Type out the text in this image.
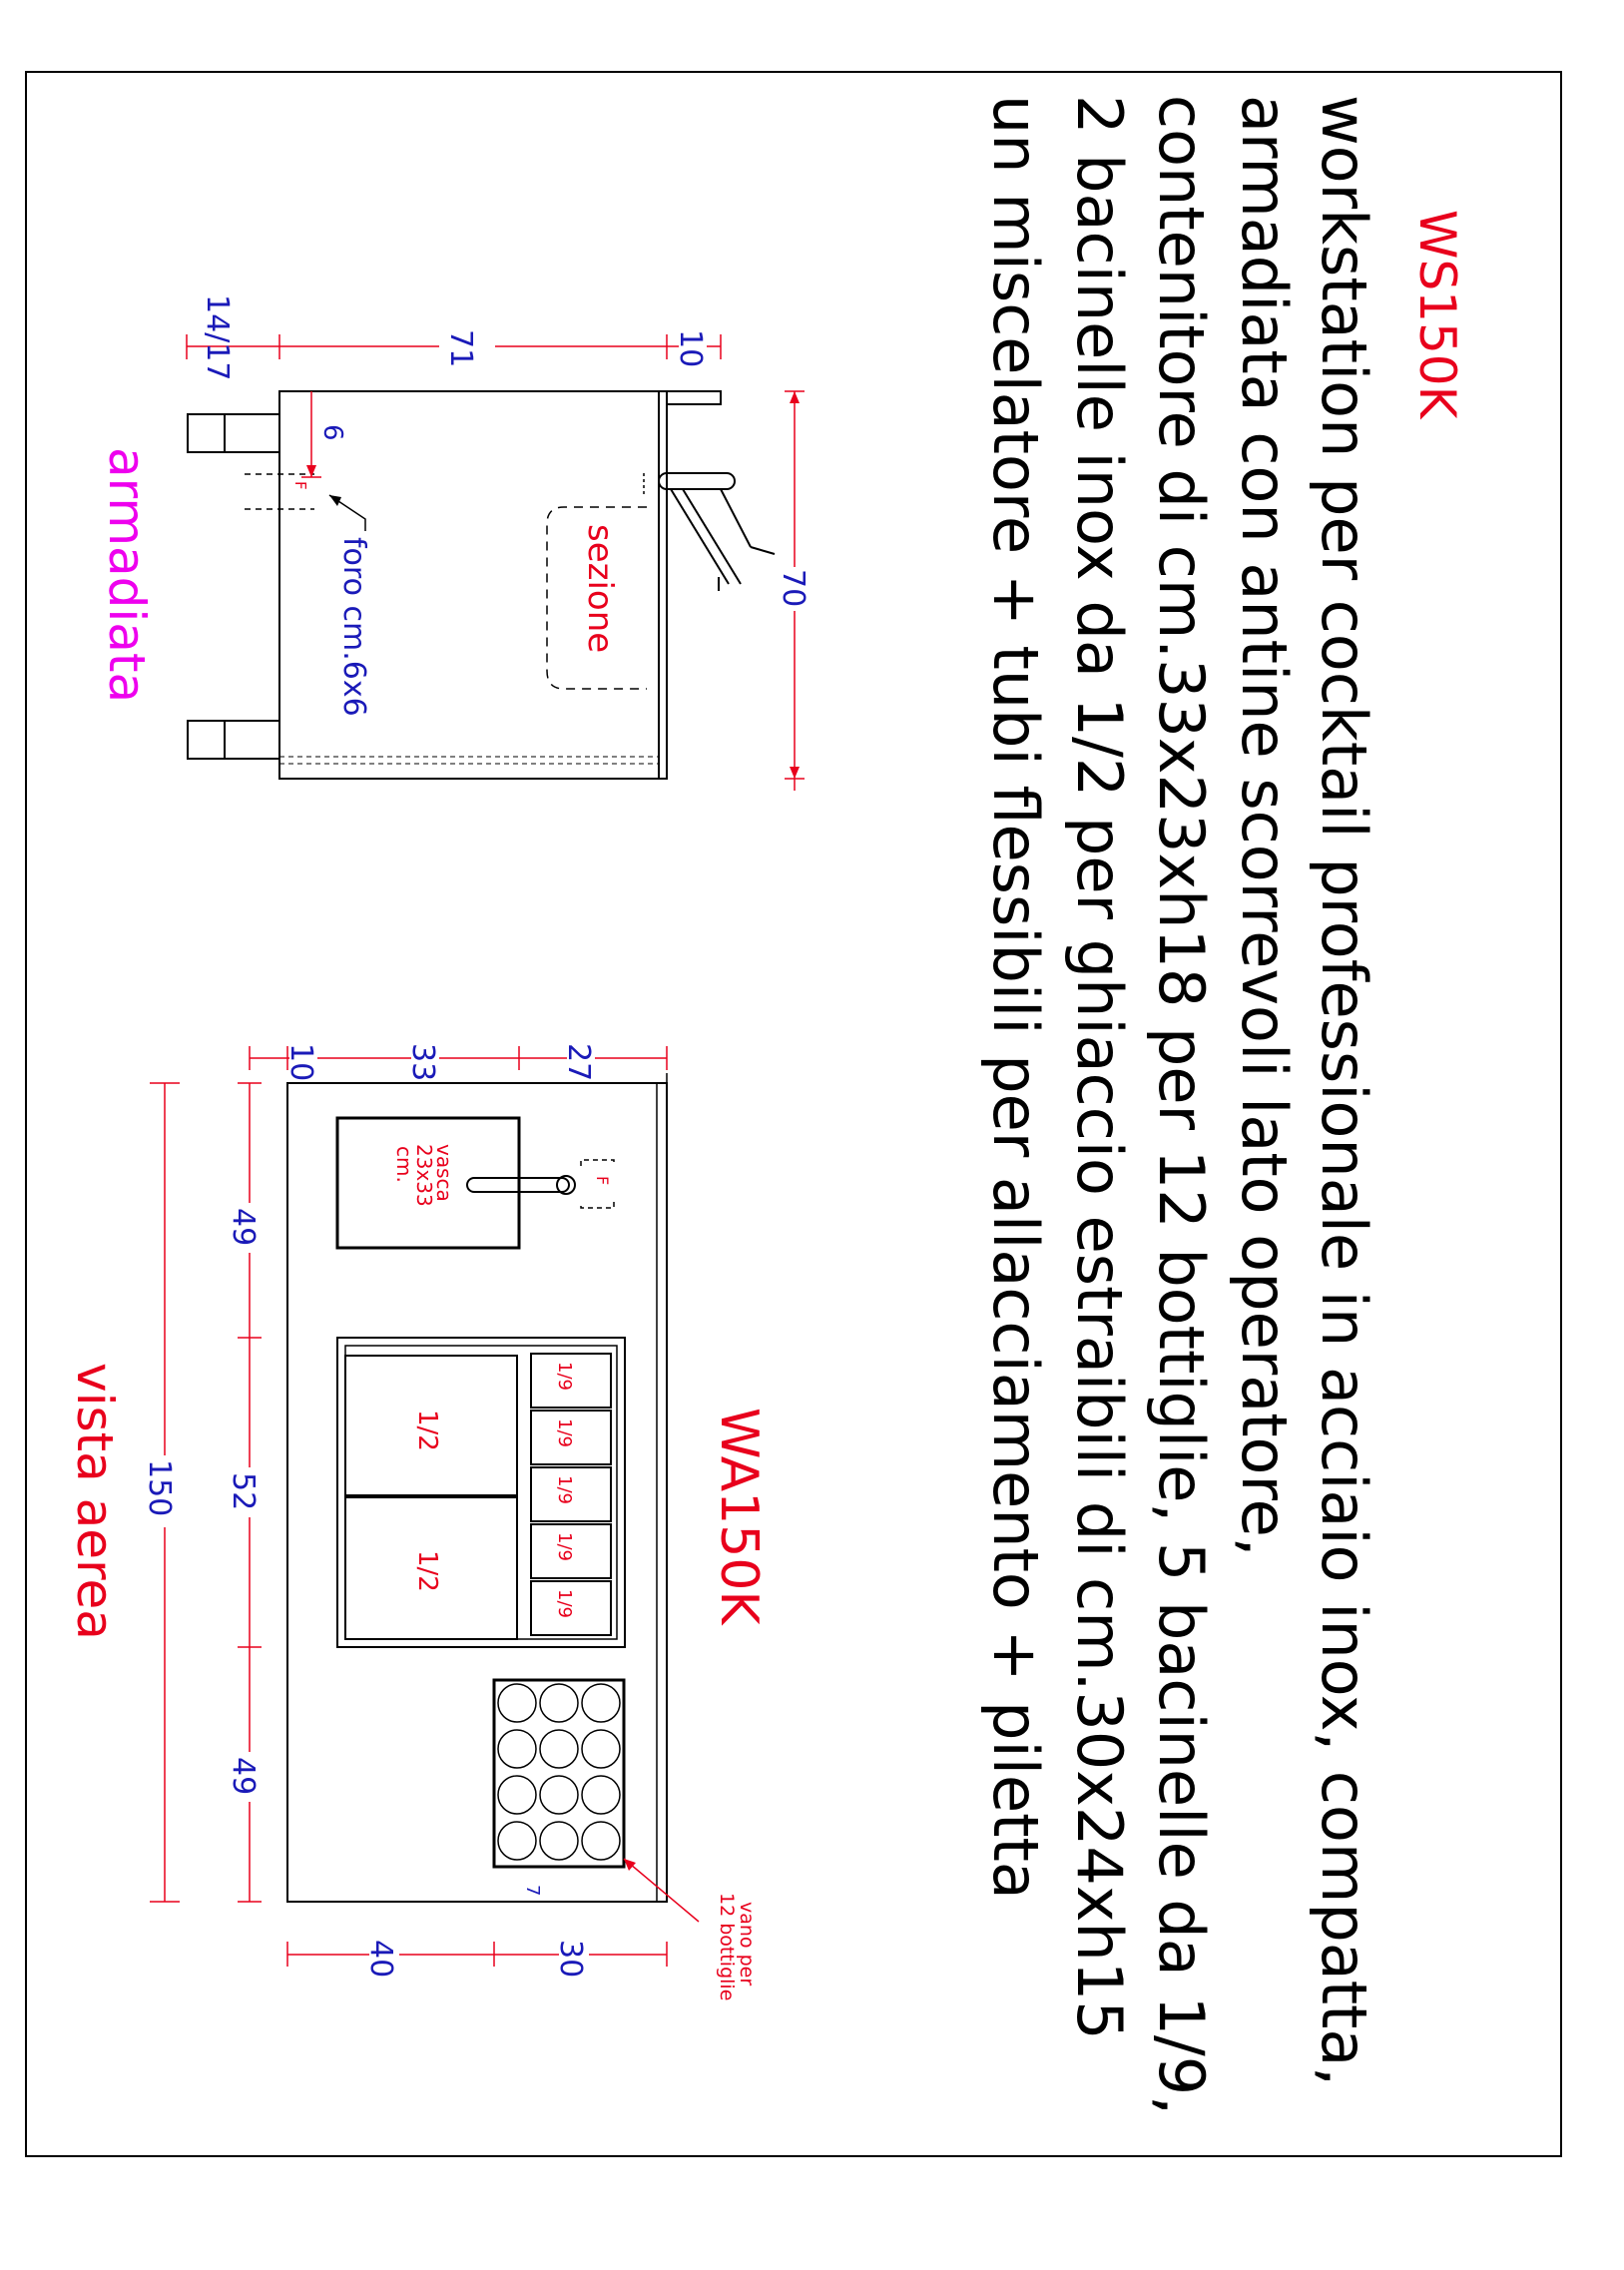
WS150K
workstation per cocktail professionale in acciaio inox, compatta,
armadiata con antine scorrevoli lato operatore,
contenitore di cm.33x23xh18 per 12 bottiglie, 5 bacinelle da 1/9,
2 bacinelle inox da 1/2 per ghiaccio estraibili di cm.30x24xh15
un miscelatore + tubi flessibili per allacciamento + piletta
F
sezione	70
71	10
14/17
6
foro cm.6x6
armadiata
vasca
23x33
cm.	F
1/2
1/2
1/9
1/9
1/9
1/9
1/9
vano per
12 bottiglie
7
WA150K
10	33	27
49
52
49
150
40	30
vista aerea
